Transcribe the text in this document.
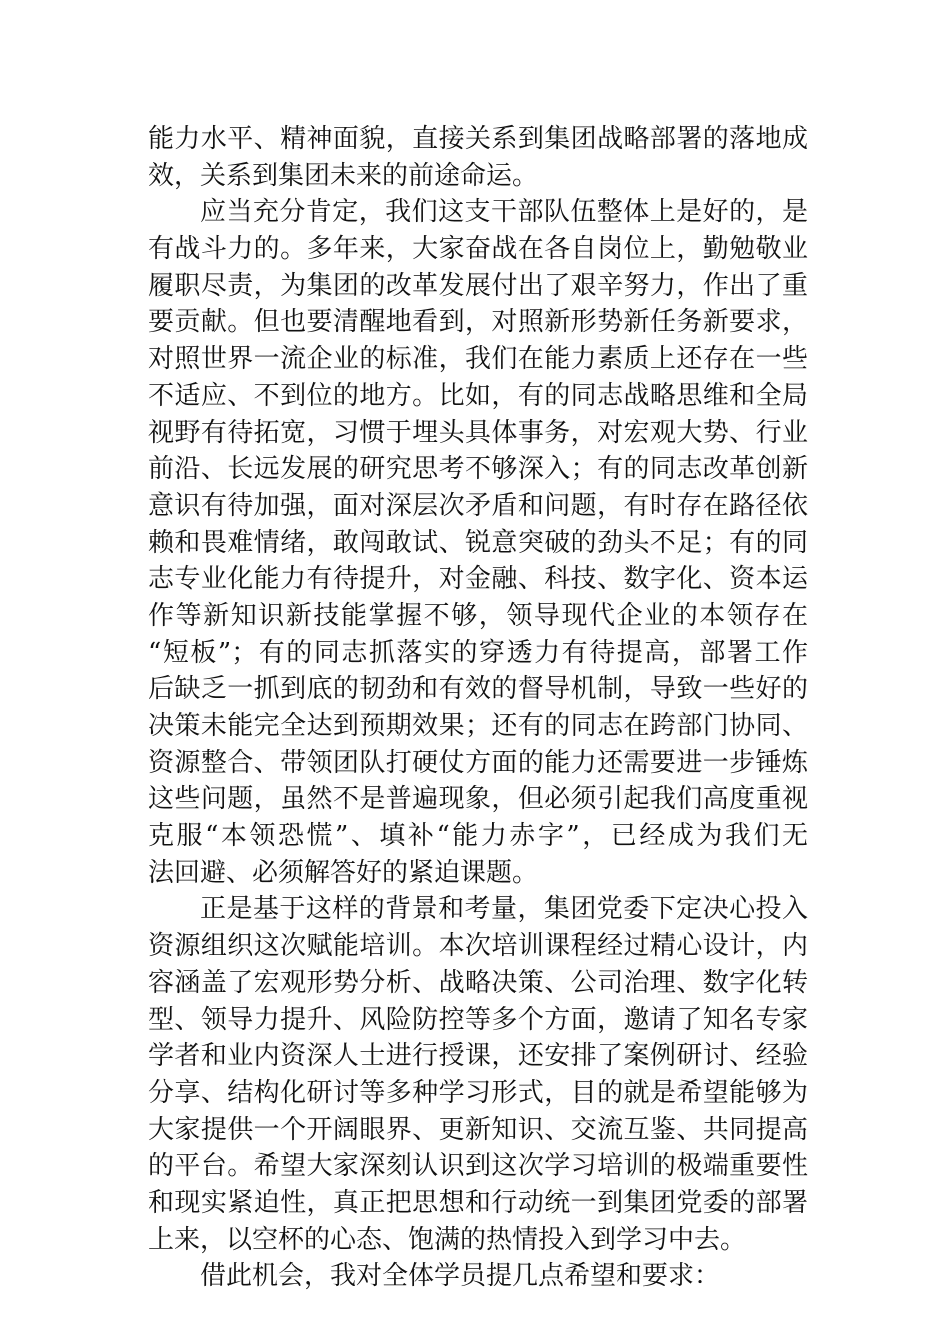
能力水平、精神面貌，直接关系到集团战略部署的落地成
效，关系到集团未来的前途命运。
应当充分肯定，我们这支干部队伍整体上是好的，是
有战斗力的。多年来，大家奋战在各自岗位上，勤勉敬业
履职尽责，为集团的改革发展付出了艰辛努力，作出了重
要贡献。但也要清醒地看到，对照新形势新任务新要求，
对照世界一流企业的标准，我们在能力素质上还存在一些
不适应、不到位的地方。比如，有的同志战略思维和全局
视野有待拓宽，习惯于埋头具体事务，对宏观大势、行业
前沿、长远发展的研究思考不够深入；有的同志改革创新
意识有待加强，面对深层次矛盾和问题，有时存在路径依
赖和畏难情绪，敢闯敢试、锐意突破的劲头不足；有的同
志专业化能力有待提升，对金融、科技、数字化、资本运
作等新知识新技能掌握不够，领导现代企业的本领存在
“短板”；有的同志抓落实的穿透力有待提高，部署工作
后缺乏一抓到底的韧劲和有效的督导机制，导致一些好的
决策未能完全达到预期效果；还有的同志在跨部门协同、
资源整合、带领团队打硬仗方面的能力还需要进一步锤炼
这些问题，虽然不是普遍现象，但必须引起我们高度重视
克服“本领恐慌”、填补“能力赤字”，已经成为我们无
法回避、必须解答好的紧迫课题。
正是基于这样的背景和考量，集团党委下定决心投入
资源组织这次赋能培训。本次培训课程经过精心设计，内
容涵盖了宏观形势分析、战略决策、公司治理、数字化转
型、领导力提升、风险防控等多个方面，邀请了知名专家
学者和业内资深人士进行授课，还安排了案例研讨、经验
分享、结构化研讨等多种学习形式，目的就是希望能够为
大家提供一个开阔眼界、更新知识、交流互鉴、共同提高
的平台。希望大家深刻认识到这次学习培训的极端重要性
和现实紧迫性，真正把思想和行动统一到集团党委的部署
上来，以空杯的心态、饱满的热情投入到学习中去。
借此机会，我对全体学员提几点希望和要求：
